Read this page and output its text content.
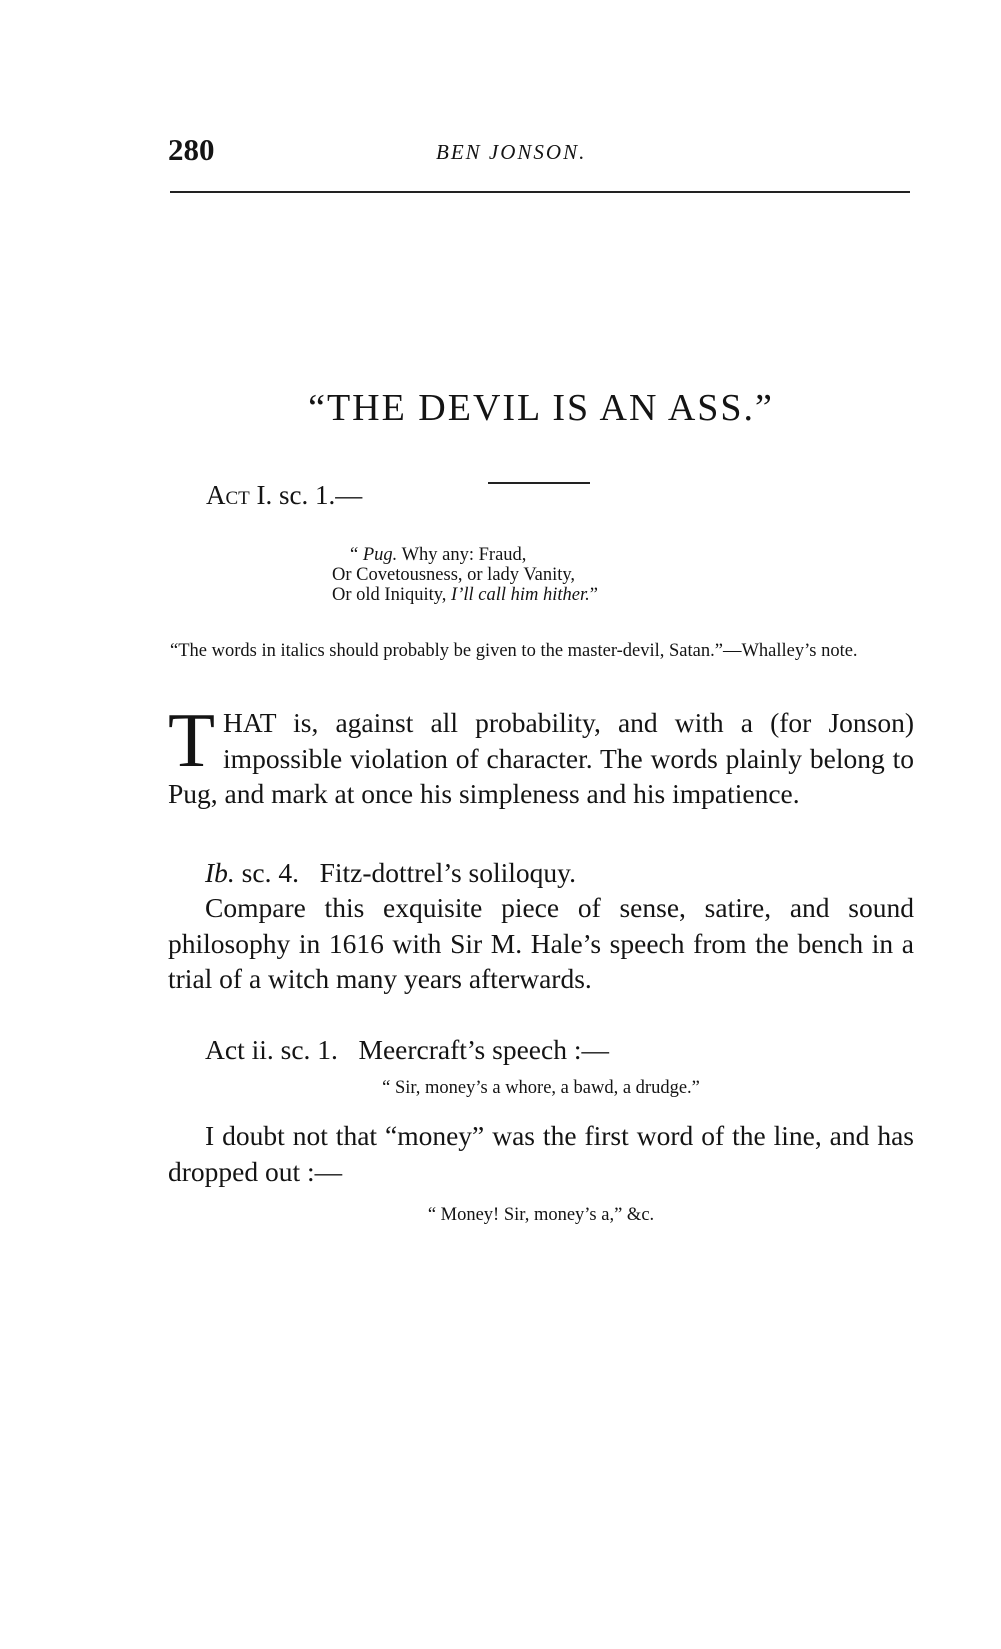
280	BEN JONSON.
“THE DEVIL IS AN ASS.”
Act I. sc. 1.—
“ Pug. Why any: Fraud,
Or Covetousness, or lady Vanity,
Or old Iniquity, I’ll call him hither.”
“The words in italics should probably be given to the master-devil, Satan.”—Whalley’s note.
THAT is, against all probability, and with a (for Jonson) impossible violation of character. The words plainly belong to Pug, and mark at once his simpleness and his impatience.
Ib. sc. 4.   Fitz-dottrel’s soliloquy.
Compare this exquisite piece of sense, satire, and sound philosophy in 1616 with Sir M. Hale’s speech from the bench in a trial of a witch many years afterwards.
Act ii. sc. 1.   Meercraft’s speech :—
“ Sir, money’s a whore, a bawd, a drudge.”
I doubt not that “money” was the first word of the line, and has dropped out :—
“ Money! Sir, money’s a,” &c.
